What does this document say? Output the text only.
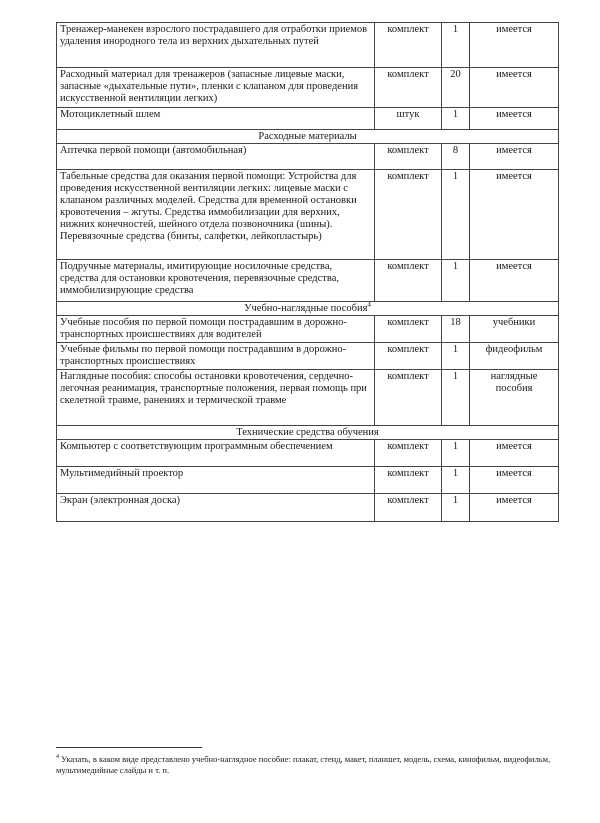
Тренажер-манекен взрослого пострадавшего для отработки приемов удаления инородного тела из верхних дыхательных путей	комплект	1	имеется
Расходный материал для тренажеров (запасные лицевые маски, запасные «дыхательные пути», пленки с клапаном для проведения искусственной вентиляции легких)	комплект	20	имеется
Мотоциклетный шлем	штук	1	имеется
Расходные материалы			
Аптечка первой помощи (автомобильная)	комплект	8	имеется
Табельные средства для оказания первой помощи: Устройства для проведения искусственной вентиляции легких: лицевые маски с клапаном различных моделей. Средства для временной остановки кровотечения – жгуты. Средства иммобилизации для верхних, нижних конечностей, шейного отдела позвоночника (шины). Перевязочные средства (бинты, салфетки, лейкопластырь)	комплект	1	имеется
Подручные материалы, имитирующие носилочные средства, средства для остановки кровотечения, перевязочные средства, иммобилизирующие средства	комплект	1	имеется
Учебно-наглядные пособия$^4$
Учебные пособия по первой помощи пострадавшим в дорожно-транспортных происшествиях для водителей	комплект	18	учебники
Учебные фильмы по первой помощи пострадавшим в дорожно-транспортных происшествиях	комплект	1	фидеофильм
Наглядные пособия: способы остановки кровотечения, сердечно-легочная реанимация, транспортные положения, первая помощь при скелетной травме, ранениях и термической травме	комплект	1	наглядные пособия
Технические средства обучения			
Компьютер с соответствующим программным обеспечением	комплект	1	имеется
Мультимедийный проектор	комплект	1	имеется
Экран (электронная доска)	комплект	1	имеется
$^4$ Указать, в каком виде представлено учебно-наглядное пособие: плакат, стенд, макет, планшет, модель, схема, кинофильм, видеофильм, мультимедийные слайды и т. п.
